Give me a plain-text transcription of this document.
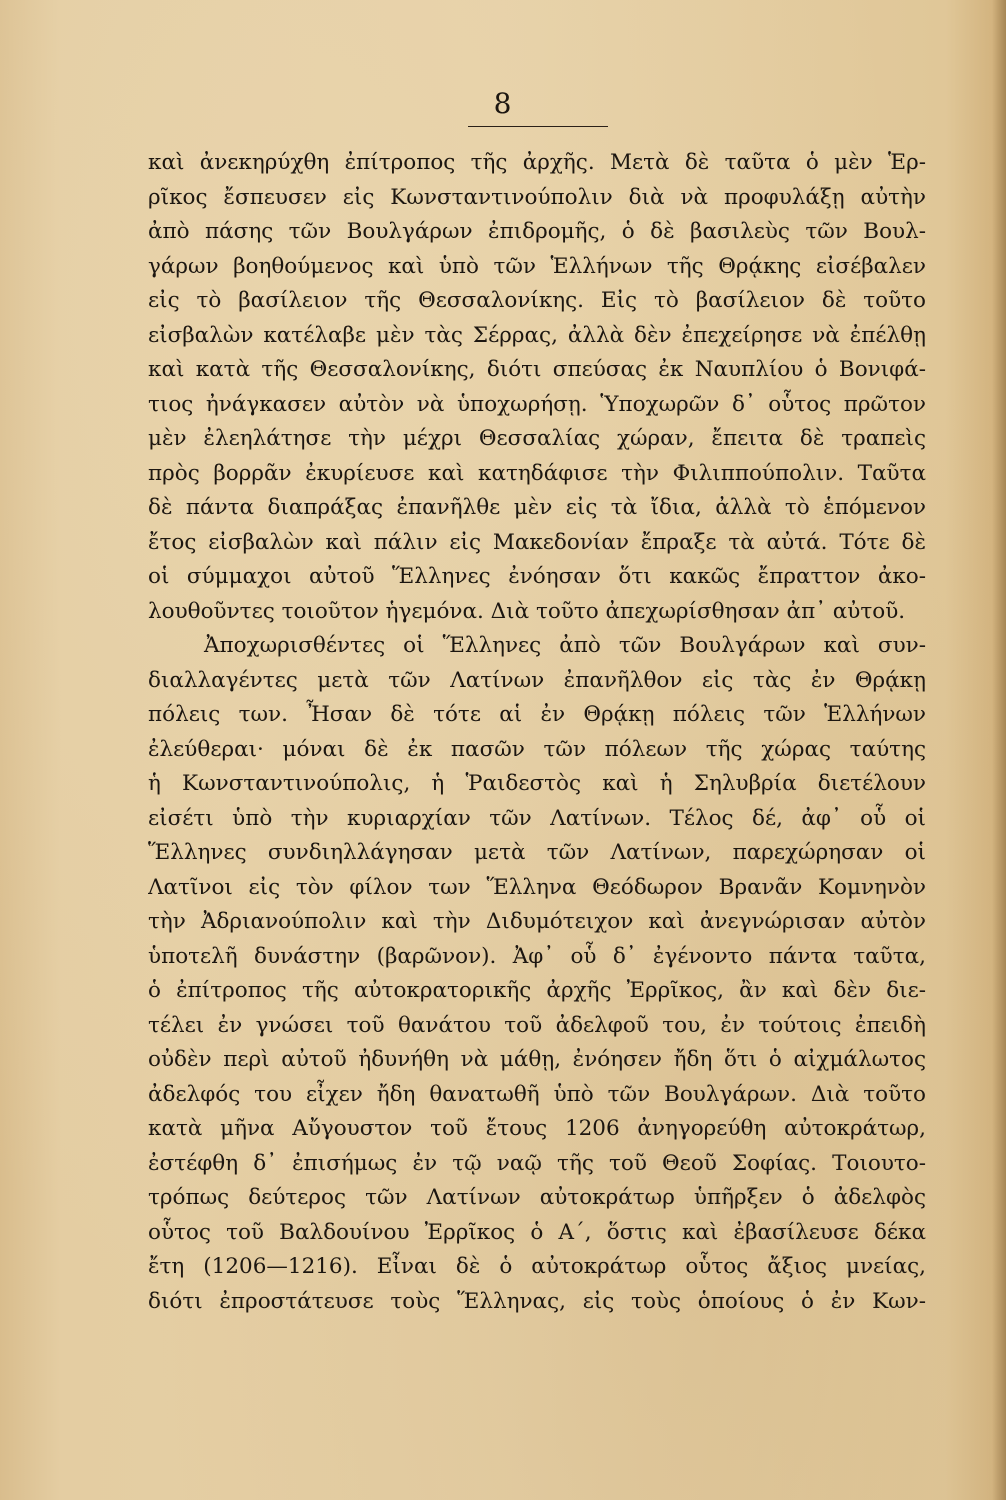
8
καὶ ἀνεκηρύχθη ἐπίτροπος τῆς ἀρχῆς. Μετὰ δὲ ταῦτα ὁ μὲν Ἑρ-
ρῖκος ἔσπευσεν εἰς Κωνσταντινούπολιν διὰ νὰ προφυλάξῃ αὐτὴν
ἀπὸ πάσης τῶν Βουλγάρων ἐπιδρομῆς, ὁ δὲ βασιλεὺς τῶν Βουλ-
γάρων βοηθούμενος καὶ ὑπὸ τῶν Ἑλλήνων τῆς Θρᾴκης εἰσέβαλεν
εἰς τὸ βασίλειον τῆς Θεσσαλονίκης. Εἰς τὸ βασίλειον δὲ τοῦτο
εἰσβαλὼν κατέλαβε μὲν τὰς Σέρρας, ἀλλὰ δὲν ἐπεχείρησε νὰ ἐπέλθῃ
καὶ κατὰ τῆς Θεσσαλονίκης, διότι σπεύσας ἐκ Ναυπλίου ὁ Βονιφά-
τιος ἠνάγκασεν αὐτὸν νὰ ὑποχωρήσῃ. Ὑποχωρῶν δ᾽ οὗτος πρῶτον
μὲν ἐλεηλάτησε τὴν μέχρι Θεσσαλίας χώραν, ἔπειτα δὲ τραπεὶς
πρὸς βορρᾶν ἐκυρίευσε καὶ κατηδάφισε τὴν Φιλιππούπολιν. Ταῦτα
δὲ πάντα διαπράξας ἐπανῆλθε μὲν εἰς τὰ ἴδια, ἀλλὰ τὸ ἑπόμενον
ἔτος εἰσβαλὼν καὶ πάλιν εἰς Μακεδονίαν ἔπραξε τὰ αὐτά. Τότε δὲ
οἱ σύμμαχοι αὐτοῦ Ἕλληνες ἐνόησαν ὅτι κακῶς ἔπραττον ἀκο-
λουθοῦντες τοιοῦτον ἡγεμόνα. Διὰ τοῦτο ἀπεχωρίσθησαν ἀπ᾽ αὐτοῦ.
Ἀποχωρισθέντες οἱ Ἕλληνες ἀπὸ τῶν Βουλγάρων καὶ συν-
διαλλαγέντες μετὰ τῶν Λατίνων ἐπανῆλθον εἰς τὰς ἐν Θρᾴκῃ
πόλεις των. Ἦσαν δὲ τότε αἱ ἐν Θρᾴκῃ πόλεις τῶν Ἑλλήνων
ἐλεύθεραι· μόναι δὲ ἐκ πασῶν τῶν πόλεων τῆς χώρας ταύτης
ἡ Κωνσταντινούπολις, ἡ Ῥαιδεστὸς καὶ ἡ Σηλυβρία διετέλουν
εἰσέτι ὑπὸ τὴν κυριαρχίαν τῶν Λατίνων. Τέλος δέ, ἀφ᾽ οὗ οἱ
Ἕλληνες συνδιηλλάγησαν μετὰ τῶν Λατίνων, παρεχώρησαν οἱ
Λατῖνοι εἰς τὸν φίλον των Ἕλληνα Θεόδωρον Βρανᾶν Κομνηνὸν
τὴν Ἀδριανούπολιν καὶ τὴν Διδυμότειχον καὶ ἀνεγνώρισαν αὐτὸν
ὑποτελῆ δυνάστην (βαρῶνον). Ἀφ᾽ οὗ δ᾽ ἐγένοντο πάντα ταῦτα,
ὁ ἐπίτροπος τῆς αὐτοκρατορικῆς ἀρχῆς Ἐρρῖκος, ἂν καὶ δὲν διε-
τέλει ἐν γνώσει τοῦ θανάτου τοῦ ἀδελφοῦ του, ἐν τούτοις ἐπειδὴ
οὐδὲν περὶ αὐτοῦ ἠδυνήθη νὰ μάθῃ, ἐνόησεν ἤδη ὅτι ὁ αἰχμάλωτος
ἀδελφός του εἶχεν ἤδη θανατωθῆ ὑπὸ τῶν Βουλγάρων. Διὰ τοῦτο
κατὰ μῆνα Αὔγουστον τοῦ ἔτους 1206 ἀνηγορεύθη αὐτοκράτωρ,
ἐστέφθη δ᾽ ἐπισήμως ἐν τῷ ναῷ τῆς τοῦ Θεοῦ Σοφίας. Τοιουτο-
τρόπως δεύτερος τῶν Λατίνων αὐτοκράτωρ ὑπῆρξεν ὁ ἀδελφὸς
οὗτος τοῦ Βαλδουίνου Ἐρρῖκος ὁ Α΄, ὅστις καὶ ἐβασίλευσε δέκα
ἔτη (1206—1216). Εἶναι δὲ ὁ αὐτοκράτωρ οὗτος ἄξιος μνείας,
διότι ἐπροστάτευσε τοὺς Ἕλληνας, εἰς τοὺς ὁποίους ὁ ἐν Κων-
